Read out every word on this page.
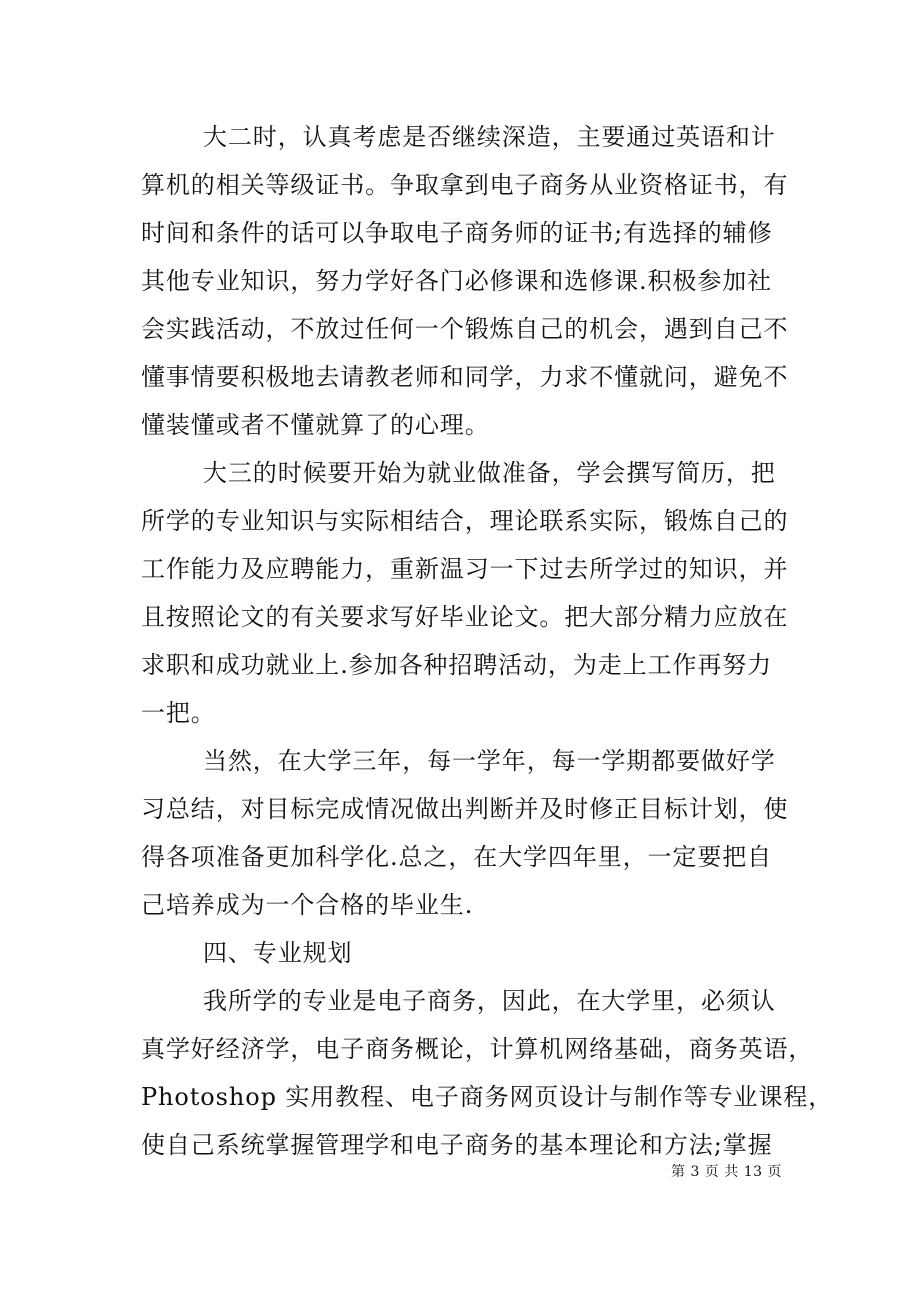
大二时，认真考虑是否继续深造，主要通过英语和计
算机的相关等级证书。争取拿到电子商务从业资格证书，有
时间和条件的话可以争取电子商务师的证书;有选择的辅修
其他专业知识，努力学好各门必修课和选修课.积极参加社
会实践活动，不放过任何一个锻炼自己的机会，遇到自己不
懂事情要积极地去请教老师和同学，力求不懂就问，避免不
懂装懂或者不懂就算了的心理。
大三的时候要开始为就业做准备，学会撰写简历，把
所学的专业知识与实际相结合，理论联系实际，锻炼自己的
工作能力及应聘能力，重新温习一下过去所学过的知识，并
且按照论文的有关要求写好毕业论文。把大部分精力应放在
求职和成功就业上.参加各种招聘活动，为走上工作再努力
一把。
当然，在大学三年，每一学年，每一学期都要做好学
习总结，对目标完成情况做出判断并及时修正目标计划，使
得各项准备更加科学化.总之，在大学四年里，一定要把自
己培养成为一个合格的毕业生.
四、专业规划
我所学的专业是电子商务，因此，在大学里，必须认
真学好经济学，电子商务概论，计算机网络基础，商务英语，
Photoshop 实用教程、电子商务网页设计与制作等专业课程，
使自己系统掌握管理学和电子商务的基本理论和方法;掌握
第 3 页 共 13 页
